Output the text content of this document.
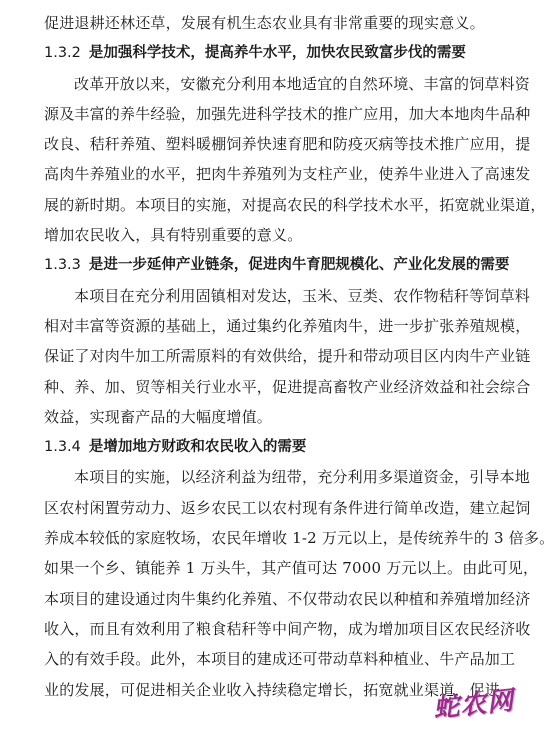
促进退耕还林还草，发展有机生态农业具有非常重要的现实意义。
1.3.2 是加强科学技术，提高养牛水平，加快农民致富步伐的需要
改革开放以来，安徽充分利用本地适宜的自然环境、丰富的饲草料资
源及丰富的养牛经验，加强先进科学技术的推广应用，加大本地肉牛品种
改良、秸秆养殖、塑料暖棚饲养快速育肥和防疫灭病等技术推广应用，提
高肉牛养殖业的水平，把肉牛养殖列为支柱产业，使养牛业进入了高速发
展的新时期。本项目的实施，对提高农民的科学技术水平，拓宽就业渠道，
增加农民收入，具有特别重要的意义。
1.3.3 是进一步延伸产业链条，促进肉牛育肥规模化、产业化发展的需要
本项目在充分利用固镇相对发达，玉米、豆类、农作物秸秆等饲草料
相对丰富等资源的基础上，通过集约化养殖肉牛，进一步扩张养殖规模，
保证了对肉牛加工所需原料的有效供给，提升和带动项目区内肉牛产业链
种、养、加、贸等相关行业水平，促进提高畜牧产业经济效益和社会综合
效益，实现畜产品的大幅度增值。
1.3.4 是增加地方财政和农民收入的需要
本项目的实施，以经济利益为纽带，充分利用多渠道资金，引导本地
区农村闲置劳动力、返乡农民工以农村现有条件进行简单改造，建立起饲
养成本较低的家庭牧场，农民年增收 1-2 万元以上，是传统养牛的 3 倍多。
如果一个乡、镇能养 1 万头牛，其产值可达 7000 万元以上。由此可见，
本项目的建设通过肉牛集约化养殖、不仅带动农民以种植和养殖增加经济
收入，而且有效利用了粮食秸秆等中间产物，成为增加项目区农民经济收
入的有效手段。此外，本项目的建成还可带动草料种植业、牛产品加工
业的发展，可促进相关企业收入持续稳定增长，拓宽就业渠道，促进
蛇农网
